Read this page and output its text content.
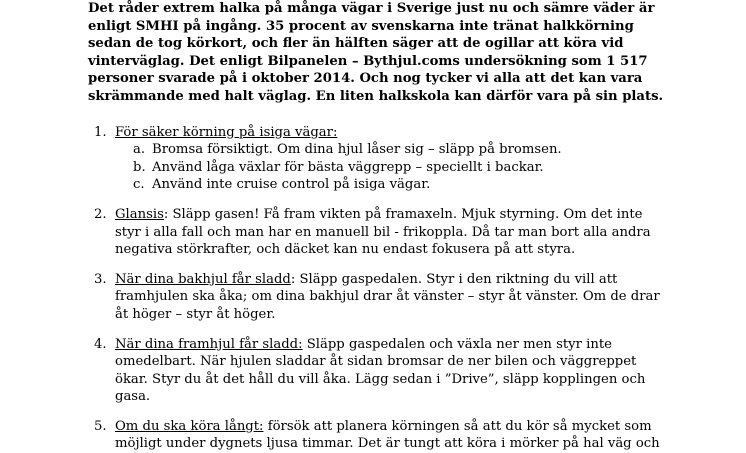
Det råder extrem halka på många vägar i Sverige just nu och sämre väder är enligt SMHI på ingång. 35 procent av svenskarna inte tränat halkkörning sedan de tog körkort, och fler än hälften säger att de ogillar att köra vid vinterväglag. Det enligt Bilpanelen – Bythjul.coms undersökning som 1 517 personer svarade på i oktober 2014. Och nog tycker vi alla att det kan vara skrämmande med halt väglag. En liten halkskola kan därför vara på sin plats.

1. För säker körning på isiga vägar:
a. Bromsa försiktigt. Om dina hjul låser sig – släpp på bromsen.
b. Använd låga växlar för bästa väggrepp – speciellt i backar.
c. Använd inte cruise control på isiga vägar.
2. Glansis: Släpp gasen! Få fram vikten på framaxeln. Mjuk styrning. Om det inte styr i alla fall och man har en manuell bil - frikoppla. Då tar man bort alla andra negativa störkrafter, och däcket kan nu endast fokusera på att styra.
3. När dina bakhjul får sladd: Släpp gaspedalen. Styr i den riktning du vill att framhjulen ska åka; om dina bakhjul drar åt vänster – styr åt vänster. Om de drar åt höger – styr åt höger.
4. När dina framhjul får sladd: Släpp gaspedalen och växla ner men styr inte omedelbart. När hjulen sladdar åt sidan bromsar de ner bilen och väggreppet ökar. Styr du åt det håll du vill åka. Lägg sedan i ”Drive”, släpp kopplingen och gasa.
5. Om du ska köra långt: försök att planera körningen så att du kör så mycket som möjligt under dygnets ljusa timmar. Det är tungt att köra i mörker på hal väg och
